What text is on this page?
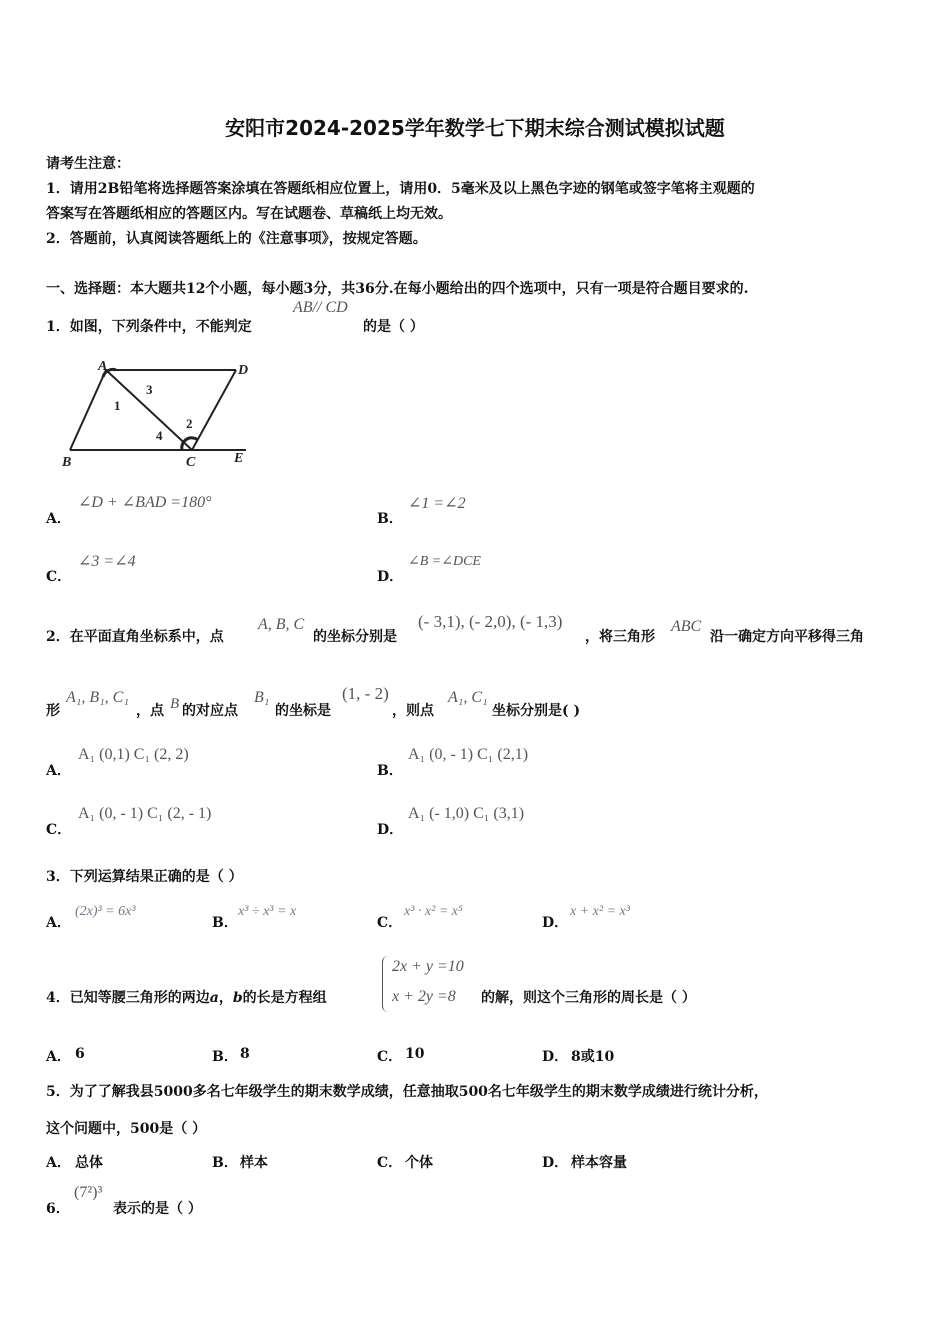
安阳市2024-2025学年数学七下期末综合测试模拟试题
请考生注意：
1．请用2B铅笔将选择题答案涂填在答题纸相应位置上，请用0．5毫米及以上黑色字迹的钢笔或签字笔将主观题的
答案写在答题纸相应的答题区内。写在试题卷、草稿纸上均无效。
2．答题前，认真阅读答题纸上的《注意事项》，按规定答题。
一、选择题：本大题共12个小题，每小题3分，共36分.在每小题给出的四个选项中，只有一项是符合题目要求的.
1．如图，下列条件中，不能判定
AB// CD
的是（ ）
A	D
B	C	E
1
3
4
2
A．
∠D + ∠BAD =180°
B．
∠1 =∠2
C．
∠3 =∠4
D．
∠B =∠DCE
2．在平面直角坐标系中，点
A, B, C
的坐标分别是
(- 3,1), (- 2,0), (- 1,3)
，将三角形
ABC
沿一确定方向平移得三角
形
A₁, B₁, C₁
，点 B 的对应点
B₁
的坐标是
(1, - 2)
，则点
A₁, C₁
坐标分别是( )
A．
A₁ (0,1) C₁ (2, 2)
B．
A₁ (0, - 1) C₁ (2,1)
C．
A₁ (0, - 1) C₁ (2, - 1)
D．
A₁ (- 1,0) C₁ (3,1)
3．下列运算结果正确的是（ ）
A．
(2x)³ = 6x³
B．
x³ ÷ x³ = x
C．
x³ · x² = x⁵
D．
x + x² = x³
4．已知等腰三角形的两边a，b的长是方程组
2x + y =10
x + 2y =8 的解，则这个三角形的周长是（ ）
A． 6	B． 8	C． 10	D． 8或10
5．为了了解我县5000多名七年级学生的期末数学成绩，任意抽取500名七年级学生的期末数学成绩进行统计分析，
这个问题中，500是（ ）
A． 总体	B． 样本	C． 个体	D． 样本容量
6．
(7²)³
表示的是（ ）
